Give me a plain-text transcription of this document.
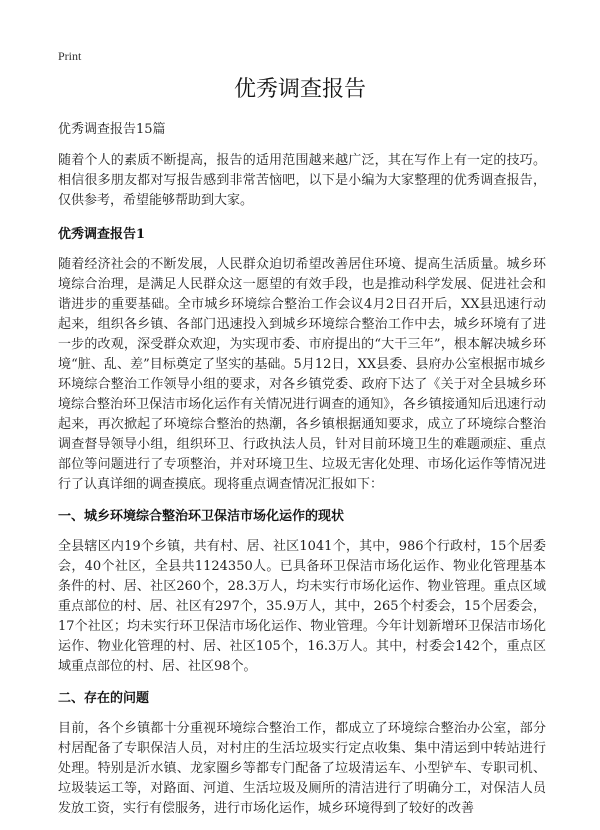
Print
优秀调查报告
优秀调查报告15篇

随着个人的素质不断提高，报告的适用范围越来越广泛，其在写作上有一定的技巧。相信很多朋友都对写报告感到非常苦恼吧，以下是小编为大家整理的优秀调查报告，仅供参考，希望能够帮助到大家。

优秀调查报告1

随着经济社会的不断发展，人民群众迫切希望改善居住环境、提高生活质量。城乡环境综合治理，是满足人民群众这一愿望的有效手段，也是推动科学发展、促进社会和谐进步的重要基础。全市城乡环境综合整治工作会议4月2日召开后，XX县迅速行动起来，组织各乡镇、各部门迅速投入到城乡环境综合整治工作中去，城乡环境有了进一步的改观，深受群众欢迎，为实现市委、市府提出的“大干三年”，根本解决城乡环境“脏、乱、差”目标奠定了坚实的基础。5月12日，XX县委、县府办公室根据市城乡环境综合整治工作领导小组的要求，对各乡镇党委、政府下达了《关于对全县城乡环境综合整治环卫保洁市场化运作有关情况进行调查的通知》，各乡镇接通知后迅速行动起来，再次掀起了环境综合整治的热潮，各乡镇根据通知要求，成立了环境综合整治调查督导领导小组，组织环卫、行政执法人员，针对目前环境卫生的难题顽症、重点部位等问题进行了专项整治，并对环境卫生、垃圾无害化处理、市场化运作等情况进行了认真详细的调查摸底。现将重点调查情况汇报如下：

一、城乡环境综合整治环卫保洁市场化运作的现状

全县辖区内19个乡镇，共有村、居、社区1041个，其中，986个行政村，15个居委会，40个社区，全县共1124350人。已具备环卫保洁市场化运作、物业化管理基本条件的村、居、社区260个，28.3万人，均未实行市场化运作、物业管理。重点区域重点部位的村、居、社区有297个，35.9万人，其中，265个村委会，15个居委会，17个社区；均未实行环卫保洁市场化运作、物业管理。今年计划新增环卫保洁市场化运作、物业化管理的村、居、社区105个，16.3万人。其中，村委会142个，重点区域重点部位的村、居、社区98个。

二、存在的问题

目前，各个乡镇都十分重视环境综合整治工作，都成立了环境综合整治办公室，部分村居配备了专职保洁人员，对村庄的生活垃圾实行定点收集、集中清运到中转站进行处理。特别是沂水镇、龙家圈乡等都专门配备了垃圾清运车、小型铲车、专职司机、垃圾装运工等，对路面、河道、生活垃圾及厕所的清洁进行了明确分工，对保洁人员发放工资，实行有偿服务，进行市场化运作，城乡环境得到了较好的改善
